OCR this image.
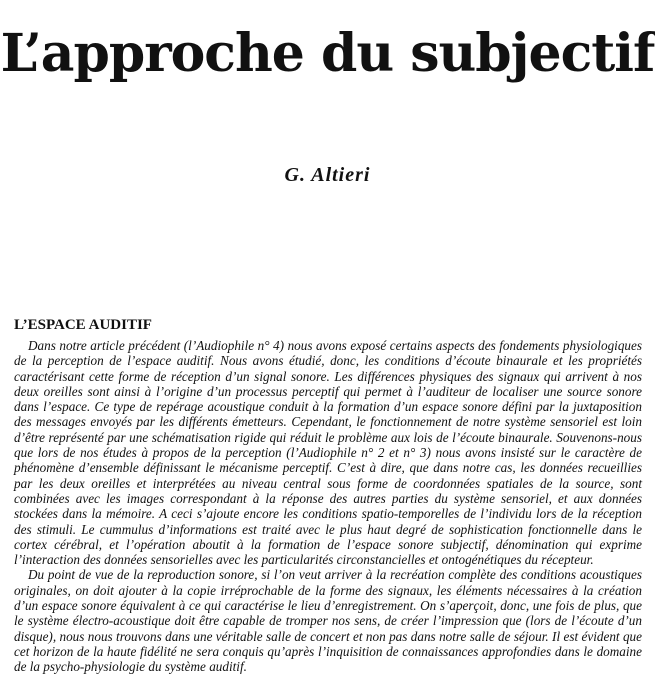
L’approche du subjectif
G. Altieri
L’ESPACE AUDITIF

Dans notre article précédent (l’Audiophile n° 4) nous avons exposé certains aspects des fondements physiologiques de la perception de l’espace auditif. Nous avons étudié, donc, les conditions d’écoute binaurale et les propriétés caractérisant cette forme de réception d’un signal sonore. Les différences physiques des signaux qui arrivent à nos deux oreilles sont ainsi à l’origine d’un processus perceptif qui permet à l’auditeur de localiser une source sonore dans l’espace. Ce type de repérage acoustique conduit à la formation d’un espace sonore défini par la juxtaposition des messages envoyés par les différents émetteurs. Cependant, le fonctionnement de notre système sensoriel est loin d’être représenté par une schématisation rigide qui réduit le problème aux lois de l’écoute binaurale. Souvenons-nous que lors de nos études à propos de la perception (l’Audiophile n° 2 et n° 3) nous avons insisté sur le caractère de phénomène d’ensemble définissant le mécanisme perceptif. C’est à dire, que dans notre cas, les données recueillies par les deux oreilles et interprétées au niveau central sous forme de coordonnées spatiales de la source, sont combinées avec les images correspondant à la réponse des autres parties du système sensoriel, et aux données stockées dans la mémoire. A ceci s’ajoute encore les conditions spatio-temporelles de l’individu lors de la réception des stimuli. Le cummulus d’informations est traité avec le plus haut degré de sophistication fonctionnelle dans le cortex cérébral, et l’opération aboutit à la formation de l’espace sonore subjectif, dénomination qui exprime l’interaction des données sensorielles avec les particularités circonstancielles et ontogénétiques du récepteur.

Du point de vue de la reproduction sonore, si l’on veut arriver à la recréation complète des conditions acoustiques originales, on doit ajouter à la copie irréprochable de la forme des signaux, les éléments nécessaires à la création d’un espace sonore équivalent à ce qui caractérise le lieu d’enregistrement. On s’aperçoit, donc, une fois de plus, que le système électro-acoustique doit être capable de tromper nos sens, de créer l’impression que (lors de l’écoute d’un disque), nous nous trouvons dans une véritable salle de concert et non pas dans notre salle de séjour. Il est évident que cet horizon de la haute fidélité ne sera conquis qu’après l’inquisition de connaissances approfondies dans le domaine de la psycho-physiologie du système auditif.
